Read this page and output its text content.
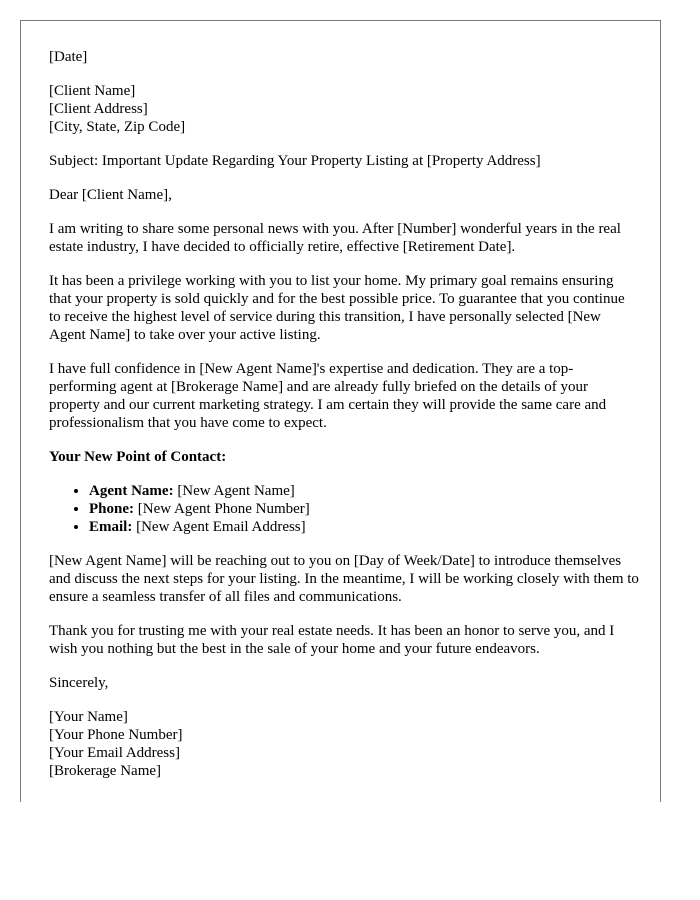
[Date]

[Client Name]
[Client Address]
[City, State, Zip Code]

Subject: Important Update Regarding Your Property Listing at [Property Address]

Dear [Client Name],

I am writing to share some personal news with you. After [Number] wonderful years in the real estate industry, I have decided to officially retire, effective [Retirement Date].

It has been a privilege working with you to list your home. My primary goal remains ensuring that your property is sold quickly and for the best possible price. To guarantee that you continue to receive the highest level of service during this transition, I have personally selected [New Agent Name] to take over your active listing.

I have full confidence in [New Agent Name]'s expertise and dedication. They are a top-performing agent at [Brokerage Name] and are already fully briefed on the details of your property and our current marketing strategy. I am certain they will provide the same care and professionalism that you have come to expect.

Your New Point of Contact:

• Agent Name: [New Agent Name]
• Phone: [New Agent Phone Number]
• Email: [New Agent Email Address]

[New Agent Name] will be reaching out to you on [Day of Week/Date] to introduce themselves and discuss the next steps for your listing. In the meantime, I will be working closely with them to ensure a seamless transfer of all files and communications.

Thank you for trusting me with your real estate needs. It has been an honor to serve you, and I wish you nothing but the best in the sale of your home and your future endeavors.

Sincerely,

[Your Name]
[Your Phone Number]
[Your Email Address]
[Brokerage Name]
